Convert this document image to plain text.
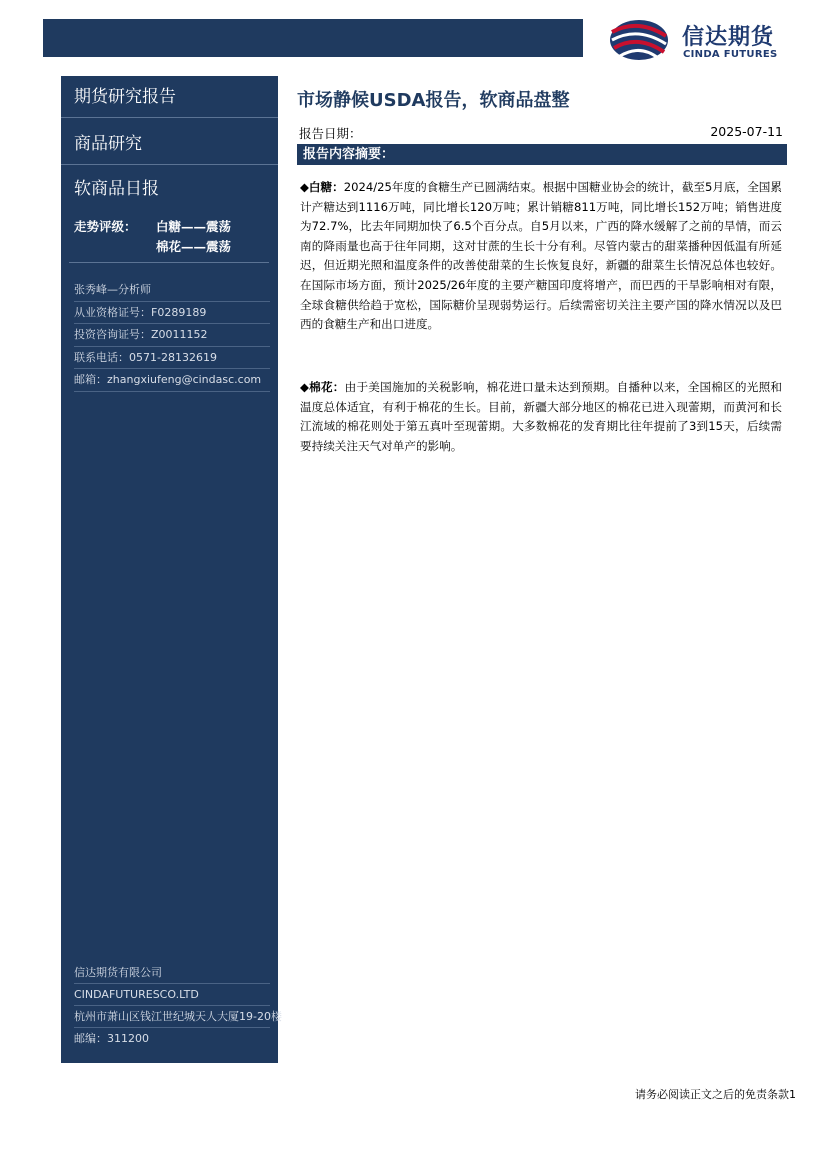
信达期货
CINDA FUTURES
期货研究报告
商品研究
软商品日报
走势评级：	白糖——震荡
棉花——震荡
张秀峰—分析师
从业资格证号：F0289189
投资咨询证号：Z0011152
联系电话：0571-28132619
邮箱：zhangxiufeng@cindasc.com
信达期货有限公司
CINDAFUTURESCO.LTD
杭州市萧山区钱江世纪城天人大厦19-20楼
邮编：311200
市场静候USDA报告，软商品盘整
报告日期：	2025-07-11
报告内容摘要：
◆白糖：2024/25年度的食糖生产已圆满结束。根据中国糖业协会的统计，截至5月底，全国累计产糖达到1116万吨，同比增长120万吨；累计销糖811万吨，同比增长152万吨；销售进度为72.7%，比去年同期加快了6.5个百分点。自5月以来，广西的降水缓解了之前的旱情，而云南的降雨量也高于往年同期，这对甘蔗的生长十分有利。尽管内蒙古的甜菜播种因低温有所延迟，但近期光照和温度条件的改善使甜菜的生长恢复良好，新疆的甜菜生长情况总体也较好。在国际市场方面，预计2025/26年度的主要产糖国印度将增产，而巴西的干旱影响相对有限，全球食糖供给趋于宽松，国际糖价呈现弱势运行。后续需密切关注主要产国的降水情况以及巴西的食糖生产和出口进度。
◆棉花：由于美国施加的关税影响，棉花进口量未达到预期。自播种以来，全国棉区的光照和温度总体适宜，有利于棉花的生长。目前，新疆大部分地区的棉花已进入现蕾期，而黄河和长江流域的棉花则处于第五真叶至现蕾期。大多数棉花的发育期比往年提前了3到15天，后续需要持续关注天气对单产的影响。
请务必阅读正文之后的免责条款1
